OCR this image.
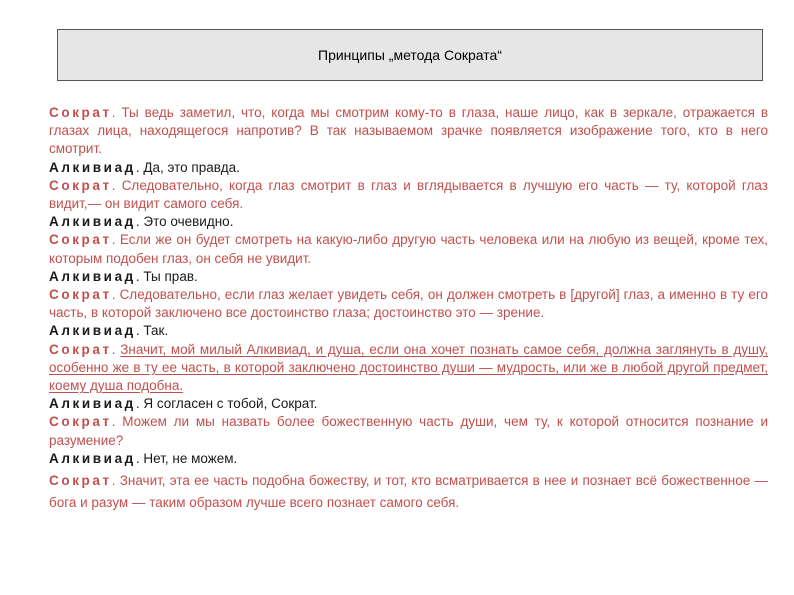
Принципы „метода Сократа“

Сократ. Ты ведь заметил, что, когда мы смотрим кому-то в глаза, наше лицо, как в зеркале, отражается в глазах лица, находящегося напротив? В так называемом зрачке появляется изображение того, кто в него смотрит.

Алкивиад. Да, это правда.

Сократ. Следовательно, когда глаз смотрит в глаз и вглядывается в лучшую его часть — ту, которой глаз видит,— он видит самого себя.

Алкивиад. Это очевидно.

Сократ. Если же он будет смотреть на какую-либо другую часть человека или на любую из вещей, кроме тех, которым подобен глаз, он себя не увидит.

Алкивиад. Ты прав.

Сократ. Следовательно, если глаз желает увидеть себя, он должен смотреть в [другой] глаз, а именно в ту его часть, в которой заключено все достоинство глаза; достоинство это — зрение.

Алкивиад. Так.

Сократ. Значит, мой милый Алкивиад, и душа, если она хочет познать самое себя, должна заглянуть в душу, особенно же в ту ее часть, в которой заключено достоинство души — мудрость, или же в любой другой предмет, коему душа подобна.

Алкивиад. Я согласен с тобой, Сократ.

Сократ. Можем ли мы назвать более божественную часть души, чем ту, к которой относится познание и разумение?

Алкивиад. Нет, не можем.

Сократ. Значит, эта ее часть подобна божеству, и тот, кто всматривается в нее и познает всё божественное — бога и разум — таким образом лучше всего познает самого себя.
